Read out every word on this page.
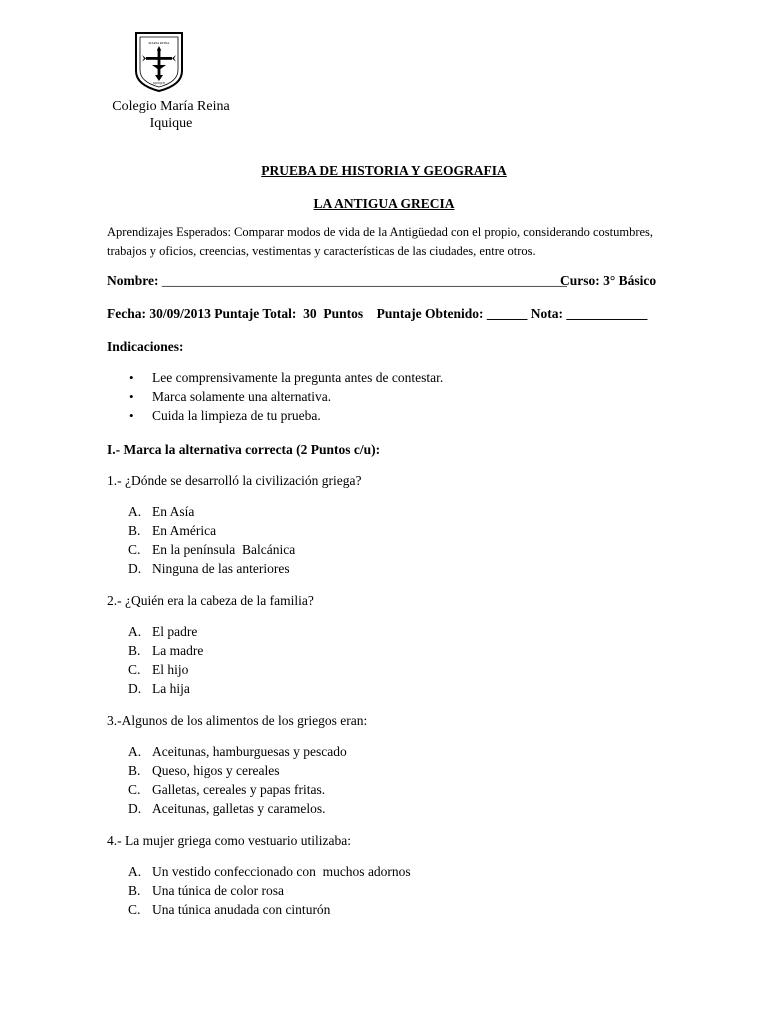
MARIA REINA
IQUIQUE
Colegio María Reina
Iquique
PRUEBA DE HISTORIA Y GEOGRAFIA
LA ANTIGUA GRECIA
Aprendizajes Esperados: Comparar modos de vida de la Antigüedad con el propio, considerando costumbres,
trabajos y oficios, creencias, vestimentas y características de las ciudades, entre otros.
Nombre: ____________________________________________________________
Curso: 3° Básico
Fecha: 30/09/2013 Puntaje Total:  30  Puntos    Puntaje Obtenido: ______ Nota: ____________
Indicaciones:
• Lee comprensivamente la pregunta antes de contestar.
• Marca solamente una alternativa.
• Cuida la limpieza de tu prueba.
I.- Marca la alternativa correcta (2 Puntos c/u):
1.- ¿Dónde se desarrolló la civilización griega?
A. En Asía
B. En América
C. En la península  Balcánica
D. Ninguna de las anteriores
2.- ¿Quién era la cabeza de la familia?
A. El padre
B. La madre
C. El hijo
D. La hija
3.-Algunos de los alimentos de los griegos eran:
A. Aceitunas, hamburguesas y pescado
B. Queso, higos y cereales
C. Galletas, cereales y papas fritas.
D. Aceitunas, galletas y caramelos.
4.- La mujer griega como vestuario utilizaba:
A. Un vestido confeccionado con  muchos adornos
B. Una túnica de color rosa
C. Una túnica anudada con cinturón
